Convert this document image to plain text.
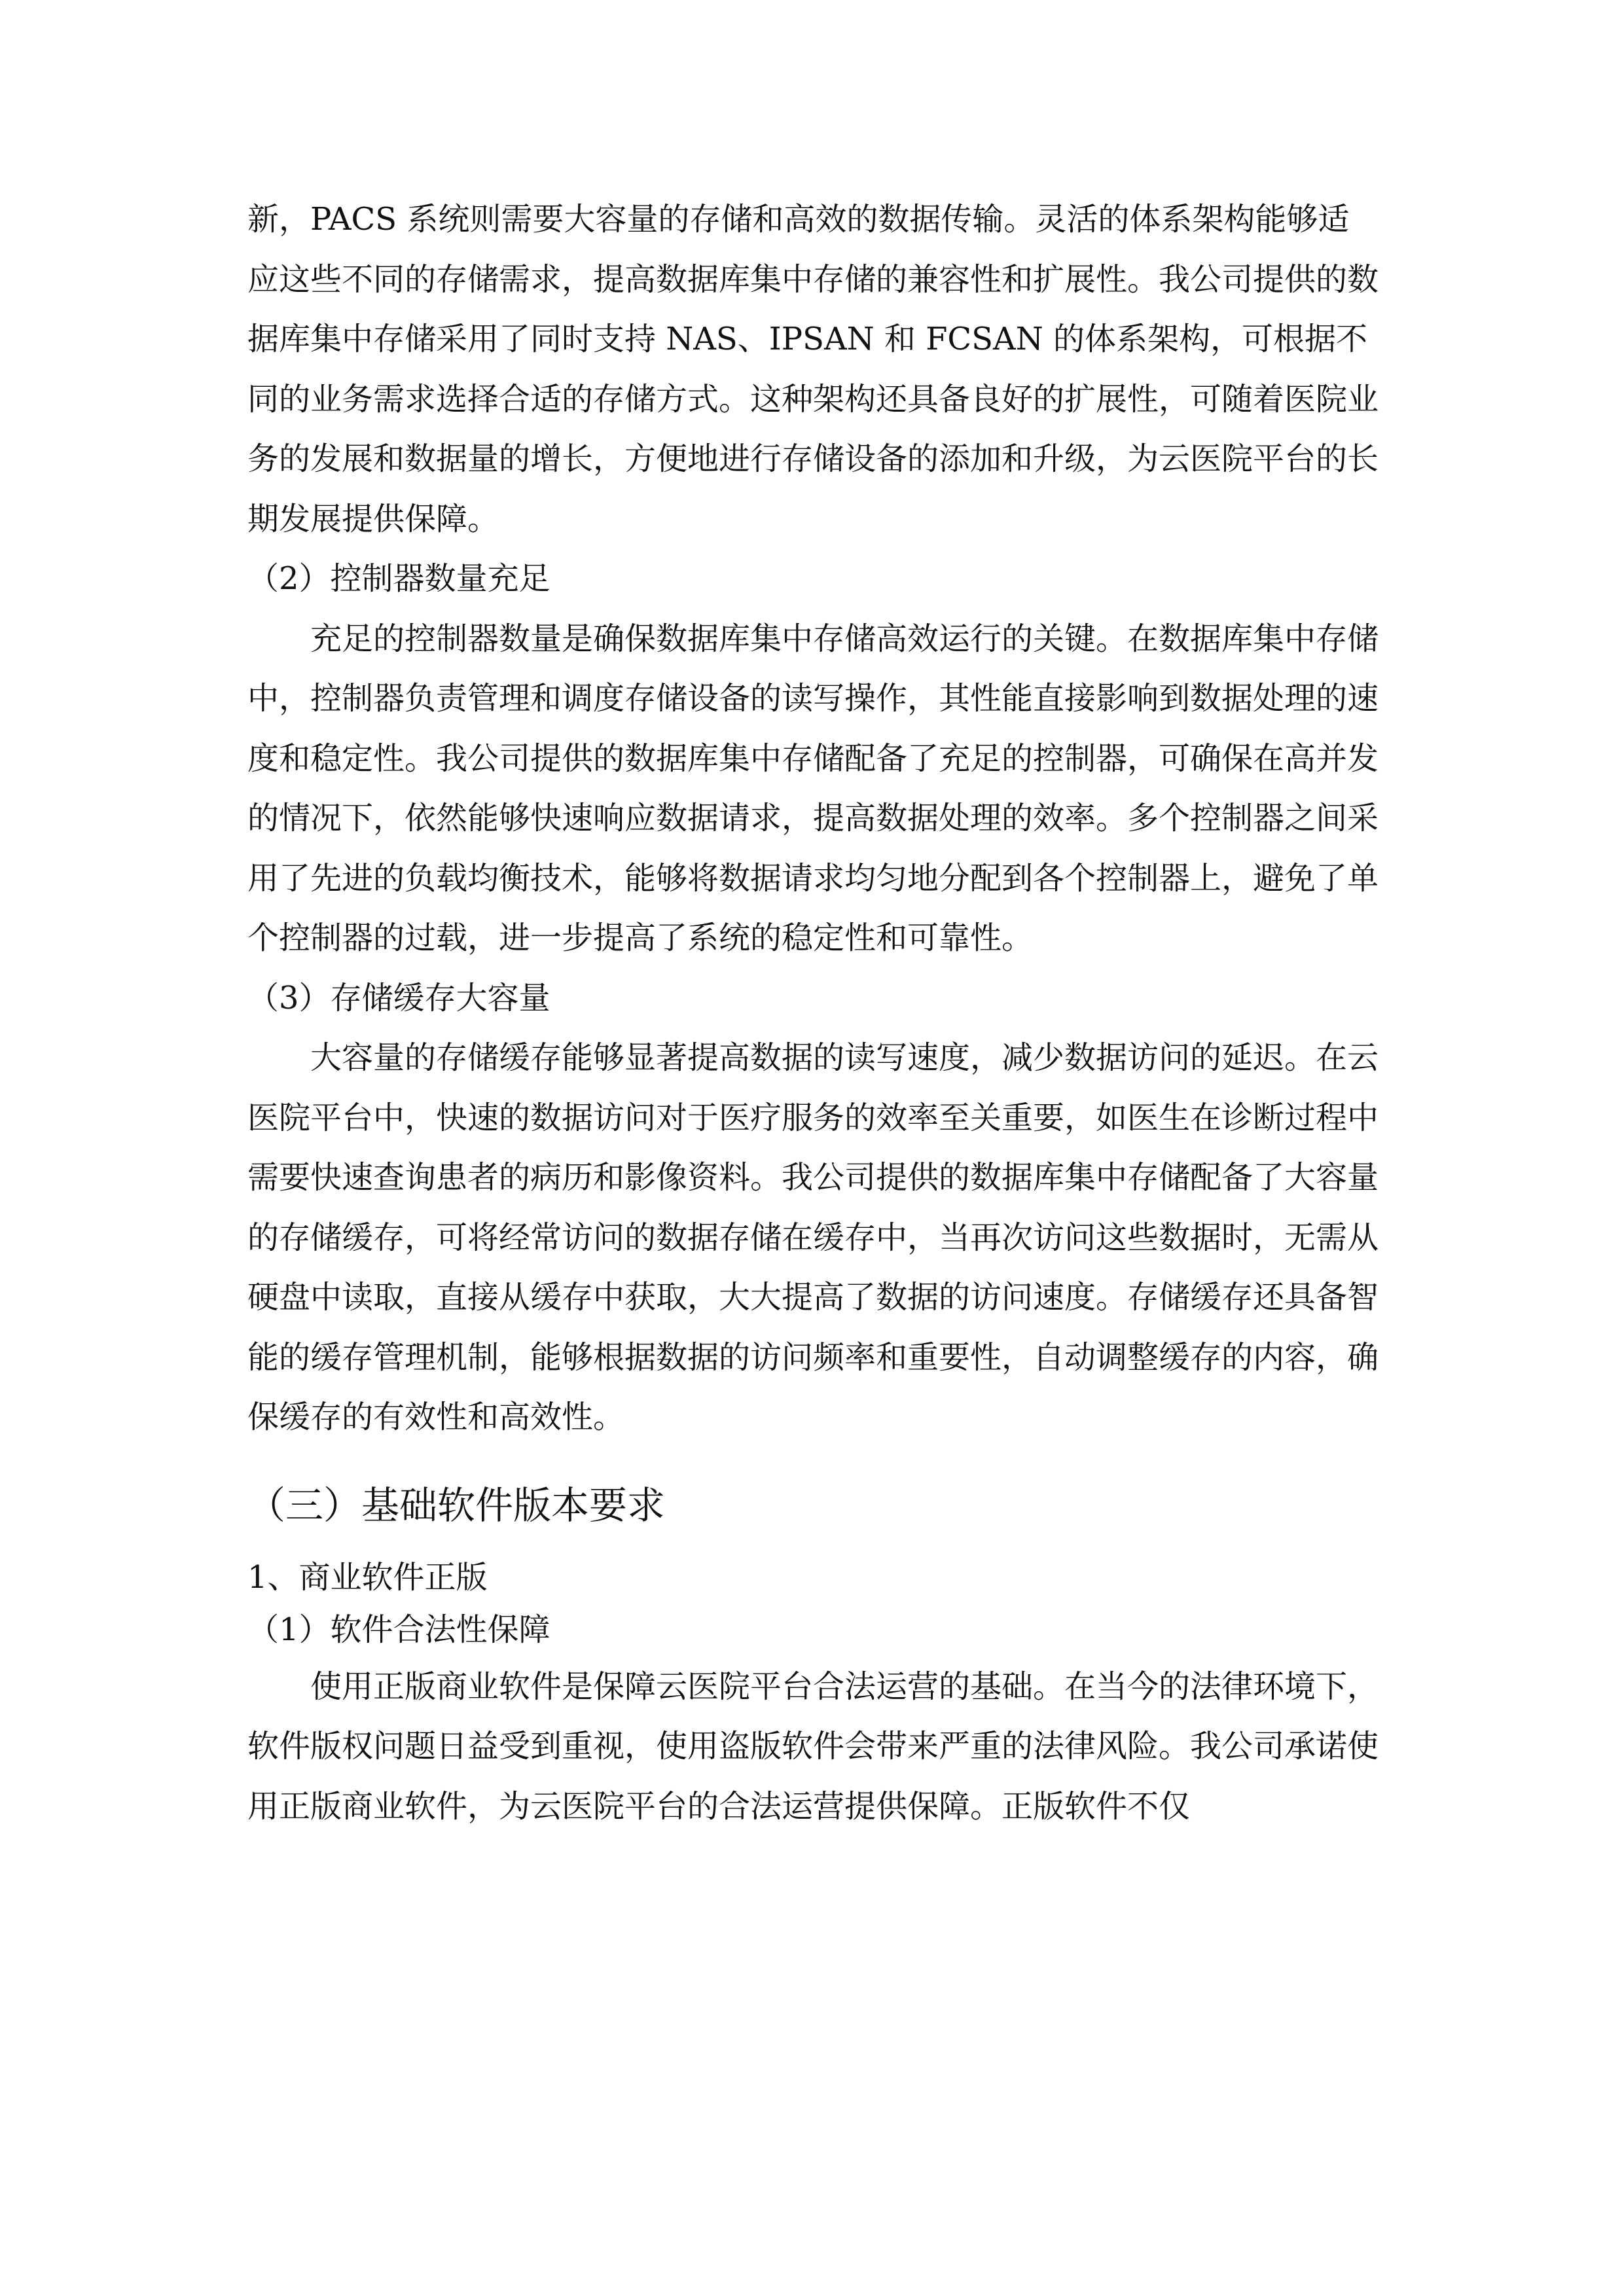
新，PACS 系统则需要大容量的存储和高效的数据传输。灵活的体系架构能够适应这些不同的存储需求，提高数据库集中存储的兼容性和扩展性。我公司提供的数据库集中存储采用了同时支持 NAS、IPSAN 和 FCSAN 的体系架构，可根据不同的业务需求选择合适的存储方式。这种架构还具备良好的扩展性，可随着医院业务的发展和数据量的增长，方便地进行存储设备的添加和升级，为云医院平台的长期发展提供保障。

（2）控制器数量充足

充足的控制器数量是确保数据库集中存储高效运行的关键。在数据库集中存储中，控制器负责管理和调度存储设备的读写操作，其性能直接影响到数据处理的速度和稳定性。我公司提供的数据库集中存储配备了充足的控制器，可确保在高并发的情况下，依然能够快速响应数据请求，提高数据处理的效率。多个控制器之间采用了先进的负载均衡技术，能够将数据请求均匀地分配到各个控制器上，避免了单个控制器的过载，进一步提高了系统的稳定性和可靠性。

（3）存储缓存大容量

大容量的存储缓存能够显著提高数据的读写速度，减少数据访问的延迟。在云医院平台中，快速的数据访问对于医疗服务的效率至关重要，如医生在诊断过程中需要快速查询患者的病历和影像资料。我公司提供的数据库集中存储配备了大容量的存储缓存，可将经常访问的数据存储在缓存中，当再次访问这些数据时，无需从硬盘中读取，直接从缓存中获取，大大提高了数据的访问速度。存储缓存还具备智能的缓存管理机制，能够根据数据的访问频率和重要性，自动调整缓存的内容，确保缓存的有效性和高效性。

（三）基础软件版本要求

1、商业软件正版

（1）软件合法性保障

使用正版商业软件是保障云医院平台合法运营的基础。在当今的法律环境下，软件版权问题日益受到重视，使用盗版软件会带来严重的法律风险。我公司承诺使用正版商业软件，为云医院平台的合法运营提供保障。正版软件不仅
